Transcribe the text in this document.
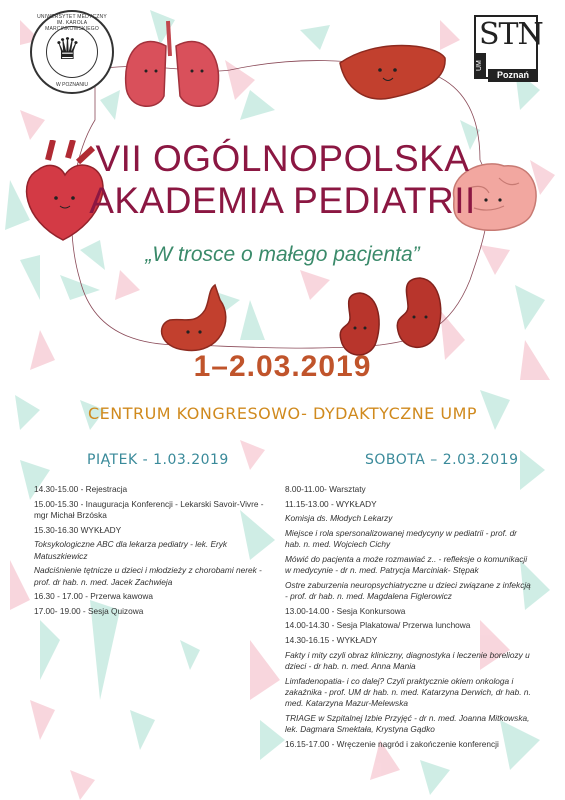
UNIWERSYTET MEDYCZNY IM. KAROLA MARCINKOWSKIEGO
♛
W POZNANIU
STN
UM
Poznań
VII OGÓLNOPOLSKA
AKADEMIA PEDIATRII
„W trosce o małego pacjenta”
1–2.03.2019
CENTRUM KONGRESOWO- DYDAKTYCZNE UMP
PIĄTEK - 1.03.2019	SOBOTA – 2.03.2019
14.30-15.00 - Rejestracja
15.00-15.30 - Inauguracja Konferencji - Lekarski Savoir-Vivre - mgr Michał Brzóska
15.30-16.30 WYKŁADY
Toksykologiczne ABC dla lekarza pediatry - lek. Eryk Matuszkiewicz
Nadciśnienie tętnicze u dzieci i młodzieży z chorobami nerek - prof. dr hab. n. med. Jacek Zachwieja
16.30 - 17.00 - Przerwa kawowa
17.00- 19.00 - Sesja Quizowa
8.00-11.00- Warsztaty
11.15-13.00 - WYKŁADY
Komisja ds. Młodych Lekarzy
Miejsce i rola spersonalizowanej medycyny w pediatrii - prof. dr hab. n. med. Wojciech Cichy
Mówić do pacjenta a może rozmawiać z.. - refleksje o komunikacji w medycynie - dr n. med. Patrycja Marciniak- Stępak
Ostre zaburzenia neuropsychiatryczne u dzieci związane z infekcją - prof. dr hab. n. med. Magdalena Figlerowicz
13.00-14.00 - Sesja Konkursowa
14.00-14.30 - Sesja Plakatowa/ Przerwa lunchowa
14.30-16.15 - WYKŁADY
Fakty i mity czyli obraz kliniczny, diagnostyka i leczenie boreliozy u dzieci - dr hab. n. med. Anna Mania
Limfadenopatia- i co dalej? Czyli praktycznie okiem onkologa i zakaźnika - prof. UM dr hab. n. med. Katarzyna Derwich, dr hab. n. med. Katarzyna Mazur-Melewska
TRIAGE w Szpitalnej Izbie Przyjęć - dr n. med. Joanna Mitkowska, lek. Dagmara Smektała, Krystyna Gądko
16.15-17.00 - Wręczenie nagród i zakończenie konferencji
